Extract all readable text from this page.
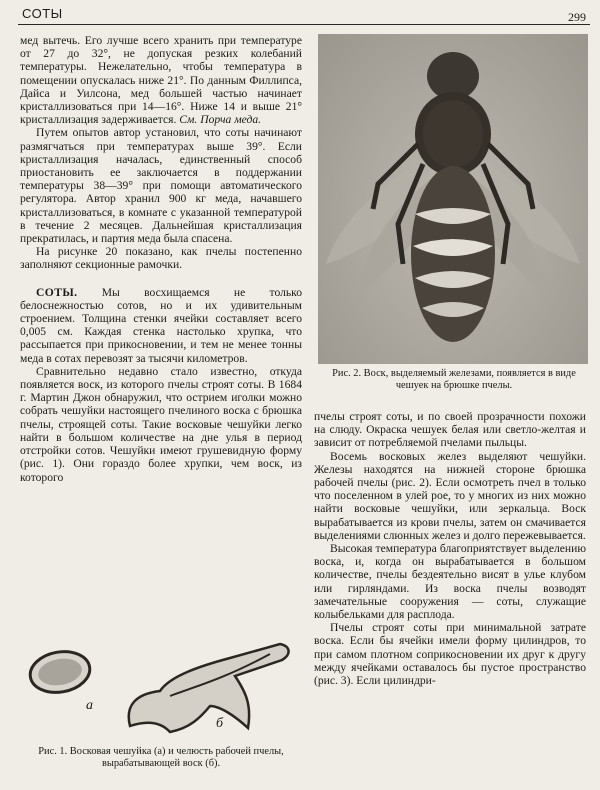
СОТЫ	299

мед вытечь. Его лучше всего хранить при температуре от 27 до 32°, не допуская резких колебаний температуры. Нежелательно, чтобы температура в помещении опускалась ниже 21°. По данным Филлипса, Дайса и Уилсона, мед большей частью начинает кристаллизоваться при 14—16°. Ниже 14 и выше 21° кристаллизация задерживается. См. Порча меда.

Путем опытов автор установил, что соты начинают размягчаться при температурах выше 39°. Если кристаллизация началась, единственный способ приостановить ее заключается в поддержании температуры 38—39° при помощи автоматического регулятора. Автор хранил 900 кг меда, начавшего кристаллизоваться, в комнате с указанной температурой в течение 2 месяцев. Дальнейшая кристаллизация прекратилась, и партия меда была спасена.

На рисунке 20 показано, как пчелы постепенно заполняют секционные рамочки.

СОТЫ. Мы восхищаемся не только белоснежностью сотов, но и их удивительным строением. Толщина стенки ячейки составляет всего 0,005 см. Каждая стенка настолько хрупка, что рассыпается при прикосновении, и тем не менее тонны меда в сотах перевозят за тысячи километров.

Сравнительно недавно стало известно, откуда появляется воск, из которого пчелы строят соты. В 1684 г. Мартин Джон обнаружил, что острием иголки можно собрать чешуйки настоящего пчелиного воска с брюшка пчелы, строящей соты. Такие восковые чешуйки легко найти в большом количестве на дне улья в период отстройки сотов. Чешуйки имеют грушевидную форму (рис. 1). Они гораздо более хрупки, чем воск, из которого

Рис. 2. Воск, выделяемый железами, появляется в виде чешуек на брюшке пчелы.
а
б
Рис. 1. Восковая чешуйка (а) и челюсть рабочей пчелы, вырабатывающей воск (б).

пчелы строят соты, и по своей прозрачности похожи на слюду. Окраска чешуек белая или светло-желтая и зависит от потребляемой пчелами пыльцы.

Восемь восковых желез выделяют чешуйки. Железы находятся на нижней стороне брюшка рабочей пчелы (рис. 2). Если осмотреть пчел в только что поселенном в улей рое, то у многих из них можно найти восковые чешуйки, или зеркальца. Воск вырабатывается из крови пчелы, затем он смачивается выделениями слюнных желез и долго пережевывается.

Высокая температура благоприятствует выделению воска, и, когда он вырабатывается в большом количестве, пчелы бездеятельно висят в улье клубом или гирляндами. Из воска пчелы возводят замечательные сооружения — соты, служащие колыбельками для расплода.

Пчелы строят соты при минимальной затрате воска. Если бы ячейки имели форму цилиндров, то при самом плотном соприкосновении их друг к другу между ячейками оставалось бы пустое пространство (рис. 3). Если цилиндри-
